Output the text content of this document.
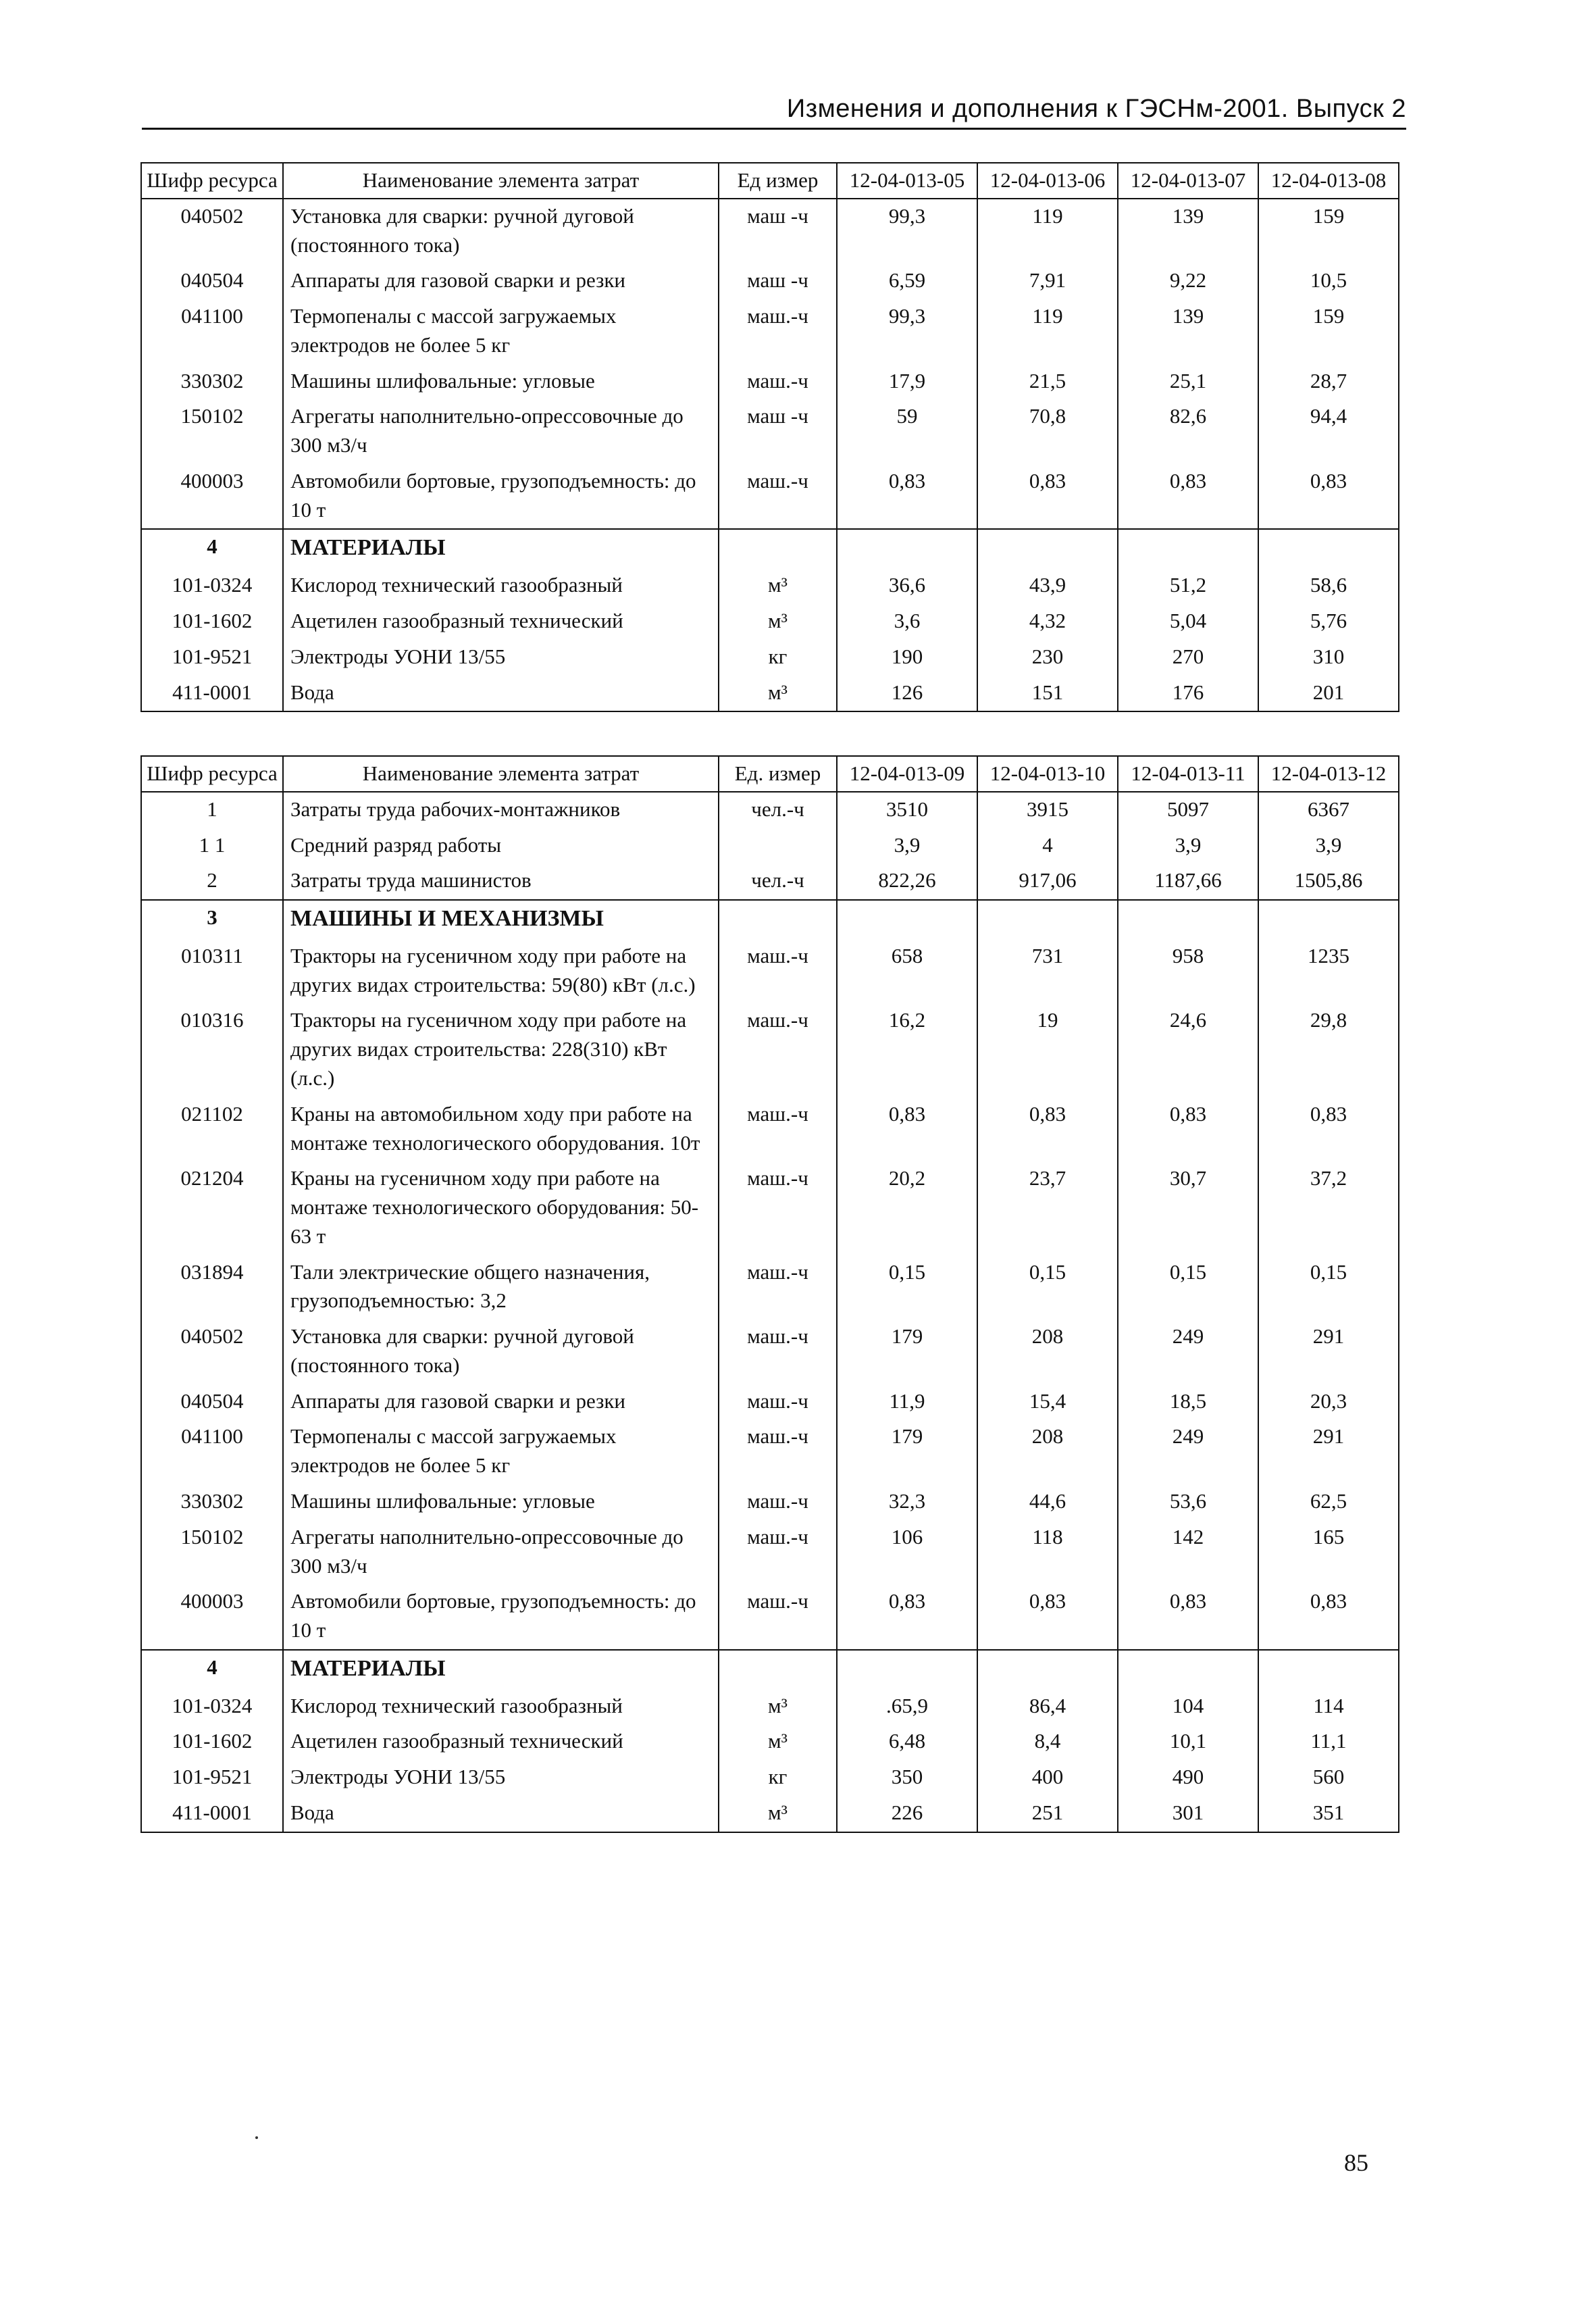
Изменения и дополнения к ГЭСНм-2001. Выпуск 2
Шифр ресурса	Наименование элемента затрат	Ед измер	12-04-013-05	12-04-013-06	12-04-013-07	12-04-013-08
040502	Установка для сварки: ручной дуговой (постоянного тока)	маш -ч	99,3	119	139	159
040504	Аппараты для газовой сварки и резки	маш -ч	6,59	7,91	9,22	10,5
041100	Термопеналы с массой загружаемых электродов не более 5 кг	маш.-ч	99,3	119	139	159
330302	Машины шлифовальные: угловые	маш.-ч	17,9	21,5	25,1	28,7
150102	Агрегаты наполнительно-опрессовочные до 300 м3/ч	маш -ч	59	70,8	82,6	94,4
400003	Автомобили бортовые, грузоподъемность: до 10 т	маш.-ч	0,83	0,83	0,83	0,83
4	МАТЕРИАЛЫ					
101-0324	Кислород технический газообразный	м³	36,6	43,9	51,2	58,6
101-1602	Ацетилен газообразный технический	м³	3,6	4,32	5,04	5,76
101-9521	Электроды УОНИ 13/55	кг	190	230	270	310
411-0001	Вода	м³	126	151	176	201
Шифр ресурса	Наименование элемента затрат	Ед. измер	12-04-013-09	12-04-013-10	12-04-013-11	12-04-013-12
1	Затраты труда рабочих-монтажников	чел.-ч	3510	3915	5097	6367
1 1	Средний разряд работы		3,9	4	3,9	3,9
2	Затраты труда машинистов	чел.-ч	822,26	917,06	1187,66	1505,86
3	МАШИНЫ И МЕХАНИЗМЫ					
010311	Тракторы на гусеничном ходу при работе на других видах строительства: 59(80) кВт (л.с.)	маш.-ч	658	731	958	1235
010316	Тракторы на гусеничном ходу при работе на других видах строительства: 228(310) кВт (л.с.)	маш.-ч	16,2	19	24,6	29,8
021102	Краны на автомобильном ходу при работе на монтаже технологического оборудования. 10т	маш.-ч	0,83	0,83	0,83	0,83
021204	Краны на гусеничном ходу при работе на монтаже технологического оборудования: 50-63 т	маш.-ч	20,2	23,7	30,7	37,2
031894	Тали электрические общего назначения, грузоподъемностью: 3,2	маш.-ч	0,15	0,15	0,15	0,15
040502	Установка для сварки: ручной дуговой (постоянного тока)	маш.-ч	179	208	249	291
040504	Аппараты для газовой сварки и резки	маш.-ч	11,9	15,4	18,5	20,3
041100	Термопеналы с массой загружаемых электродов не более 5 кг	маш.-ч	179	208	249	291
330302	Машины шлифовальные: угловые	маш.-ч	32,3	44,6	53,6	62,5
150102	Агрегаты наполнительно-опрессовочные до 300 м3/ч	маш.-ч	106	118	142	165
400003	Автомобили бортовые, грузоподъемность: до 10 т	маш.-ч	0,83	0,83	0,83	0,83
4	МАТЕРИАЛЫ					
101-0324	Кислород технический газообразный	м³	.65,9	86,4	104	114
101-1602	Ацетилен газообразный технический	м³	6,48	8,4	10,1	11,1
101-9521	Электроды УОНИ 13/55	кг	350	400	490	560
411-0001	Вода	м³	226	251	301	351
85
